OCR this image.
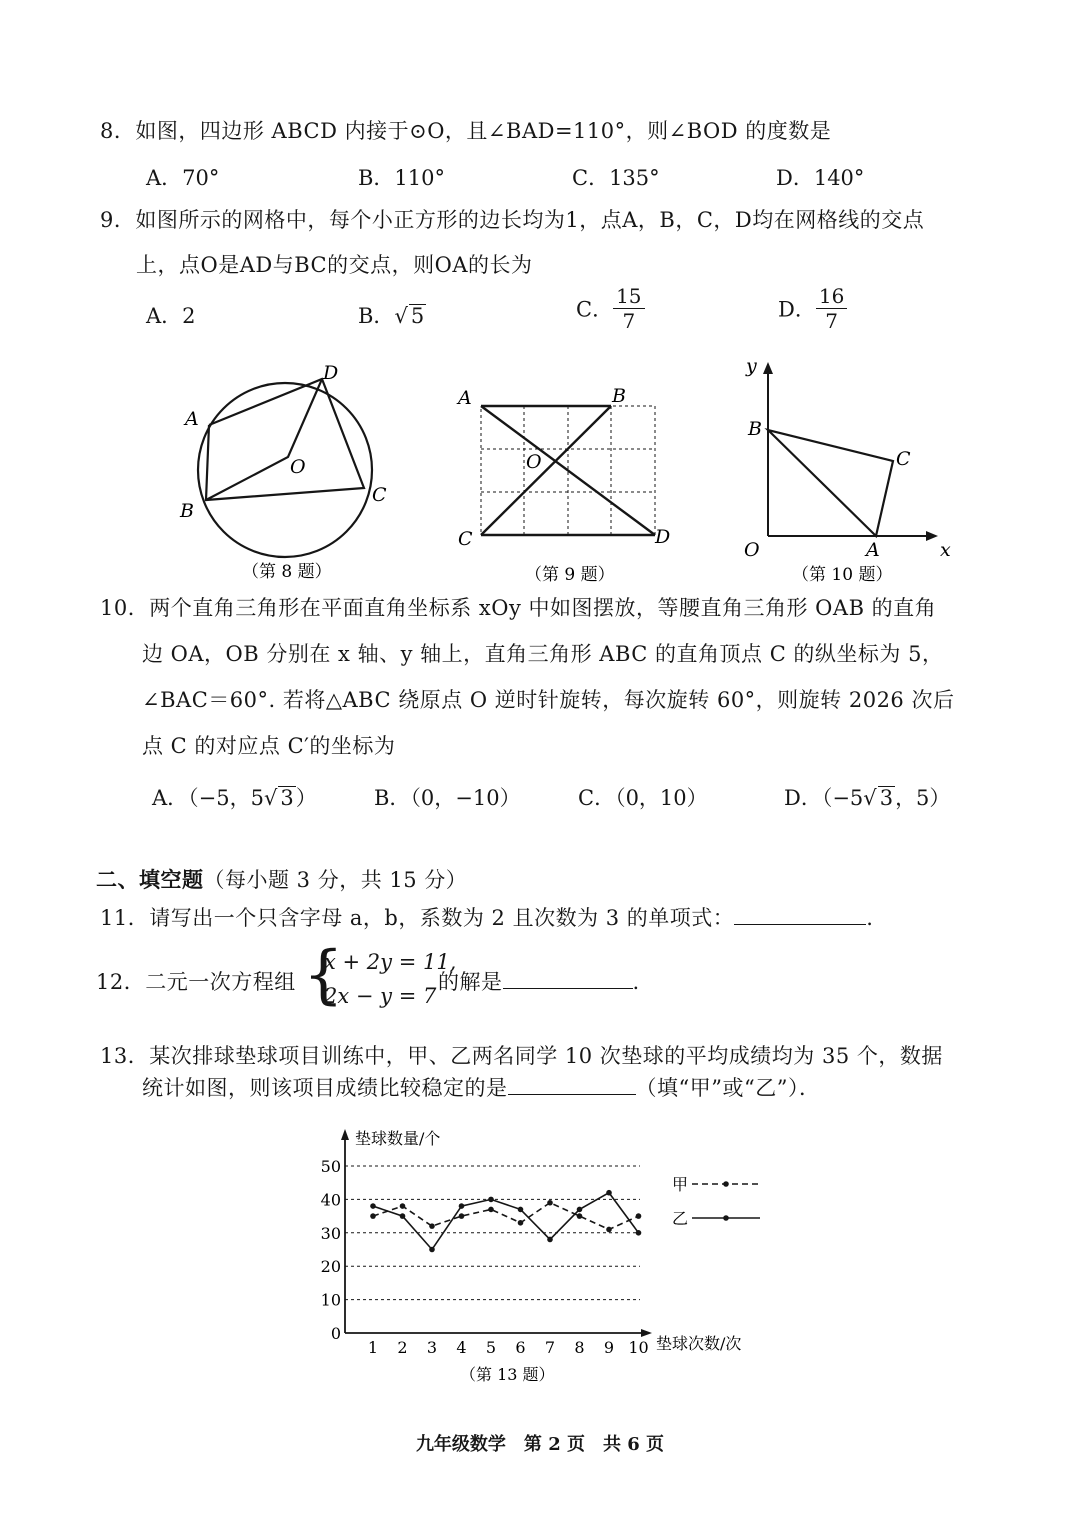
8．如图，四边形 ABCD 内接于⊙O，且∠BAD=110°，则∠BOD 的度数是
A．70°	B．110°	C．135°	D．140°
9．如图所示的网格中，每个小正方形的边长均为1，点A，B，C，D均在网格线的交点
上，点O是AD与BC的交点，则OA的长为
A．2	B．√ 5	C． $\frac{15}{7}$	D． $\frac{16}{7}$
A
B
C
D
O
（第 8 题）
A	B
C	D
O
（第 9 题）
y
x
O	A
B
C
（第 10 题）
10．两个直角三角形在平面直角坐标系 xOy 中如图摆放，等腰直角三角形 OAB 的直角
边 OA，OB 分别在 x 轴、y 轴上，直角三角形 ABC 的直角顶点 C 的纵坐标为 5，
∠BAC＝60°. 若将△ABC 绕原点 O 逆时针旋转，每次旋转 60°，则旋转 2026 次后
点 C 的对应点 C′的坐标为
A．（−5，5√ 3）	B．（0，−10）	C．（0，10）	D．（−5√ 3，5）
二、填空题（每小题 3 分，共 15 分）
11．请写出一个只含字母 a，b，系数为 2 且次数为 3 的单项式：	.
12．二元一次方程组 {
x + 2y = 11,
2x − y = 7
的解是	.
13．某次排球垫球项目训练中，甲、乙两名同学 10 次垫球的平均成绩均为 35 个，数据
统计如图，则该项目成绩比较稳定的是	（填“甲”或“乙”）．
垫球数量/个
垫球次数/次
0
10
20
30
40
50
1 2 3 4 5 6 7 8 9 10
甲
乙
（第 13 题）
九年级数学　第 2 页　共 6 页
